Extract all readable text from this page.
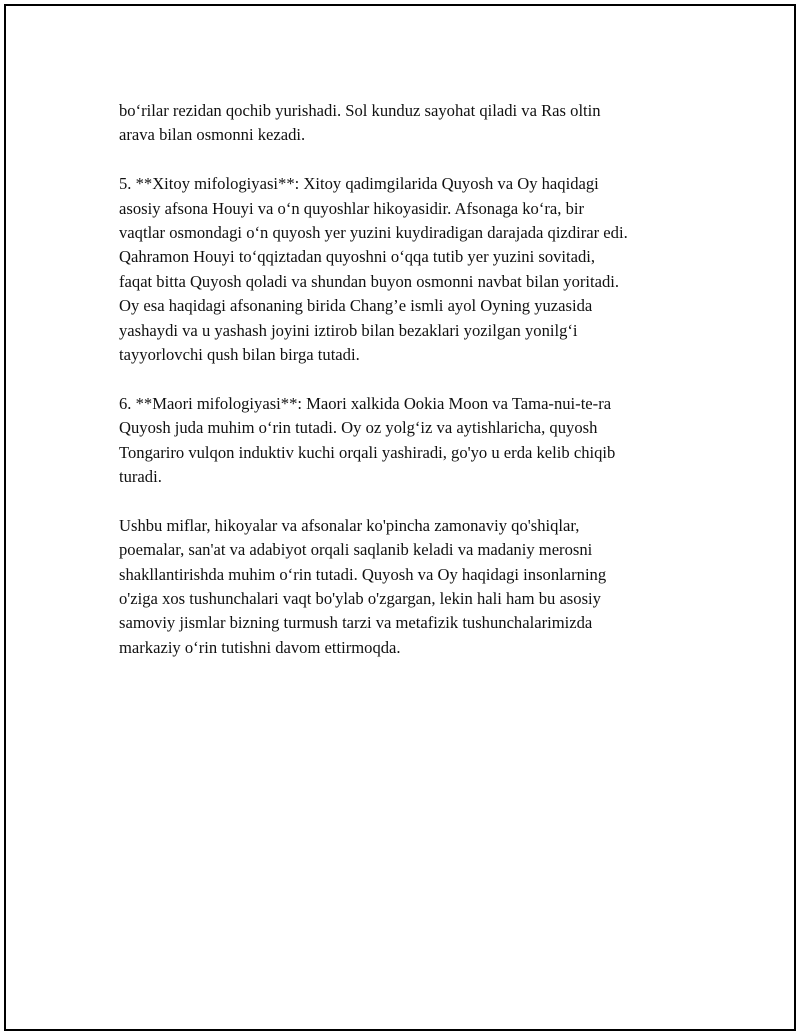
bo‘rilar rezidan qochib yurishadi. Sol kunduz sayohat qiladi va Ras oltin
arava bilan osmonni kezadi.

5. **Xitoy mifologiyasi**: Xitoy qadimgilarida Quyosh va Oy haqidagi
asosiy afsona Houyi va o‘n quyoshlar hikoyasidir. Afsonaga ko‘ra, bir
vaqtlar osmondagi o‘n quyosh yer yuzini kuydiradigan darajada qizdirar edi.
Qahramon Houyi to‘qqiztadan quyoshni o‘qqa tutib yer yuzini sovitadi,
faqat bitta Quyosh qoladi va shundan buyon osmonni navbat bilan yoritadi.
Oy esa haqidagi afsonaning birida Chang’e ismli ayol Oyning yuzasida
yashaydi va u yashash joyini iztirob bilan bezaklari yozilgan yonilg‘i
tayyorlovchi qush bilan birga tutadi.

6. **Maori mifologiyasi**: Maori xalkida Ookia Moon va Tama-nui-te-ra
Quyosh juda muhim o‘rin tutadi. Oy oz yolg‘iz va aytishlaricha, quyosh
Tongariro vulqon induktiv kuchi orqali yashiradi, go'yo u erda kelib chiqib
turadi.

Ushbu miflar, hikoyalar va afsonalar ko'pincha zamonaviy qo'shiqlar,
poemalar, san'at va adabiyot orqali saqlanib keladi va madaniy merosni
shakllantirishda muhim o‘rin tutadi. Quyosh va Oy haqidagi insonlarning
o'ziga xos tushunchalari vaqt bo'ylab o'zgargan, lekin hali ham bu asosiy
samoviy jismlar bizning turmush tarzi va metafizik tushunchalarimizda
markaziy o‘rin tutishni davom ettirmoqda.
